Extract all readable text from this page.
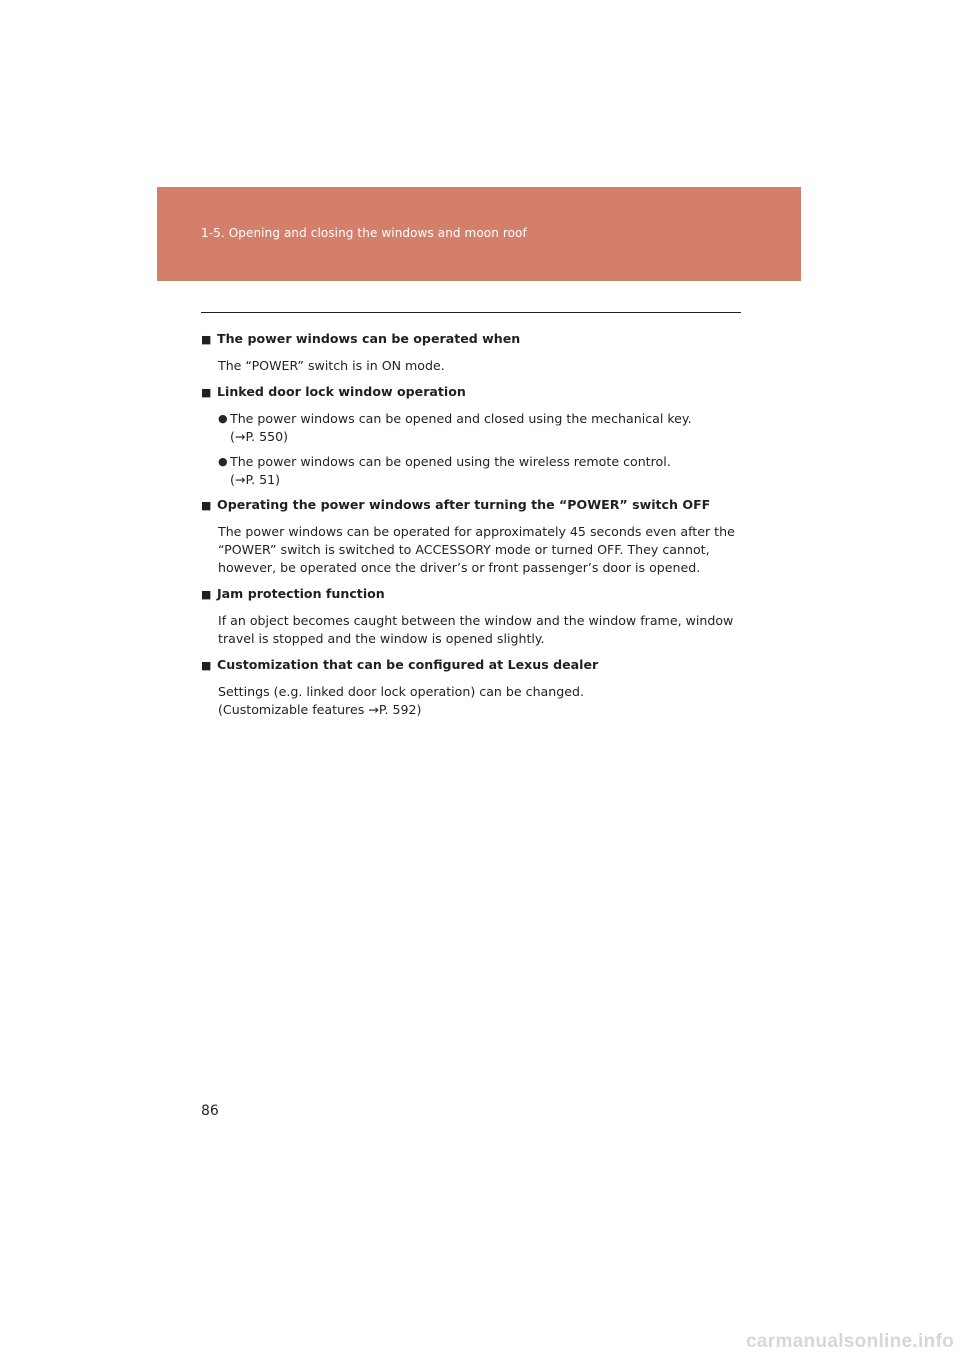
1-5. Opening and closing the windows and moon roof
■ The power windows can be operated when
The “POWER” switch is in ON mode.
■ Linked door lock window operation
● The power windows can be opened and closed using the mechanical key.
(→P. 550)
● The power windows can be opened using the wireless remote control.
(→P. 51)
■ Operating the power windows after turning the “POWER” switch OFF
The power windows can be operated for approximately 45 seconds even after the “POWER” switch is switched to ACCESSORY mode or turned OFF. They cannot, however, be operated once the driver’s or front passenger’s door is opened.
■ Jam protection function
If an object becomes caught between the window and the window frame, window travel is stopped and the window is opened slightly.
■ Customization that can be configured at Lexus dealer
Settings (e.g. linked door lock operation) can be changed.
(Customizable features →P. 592)
86
carmanualsonline.info
